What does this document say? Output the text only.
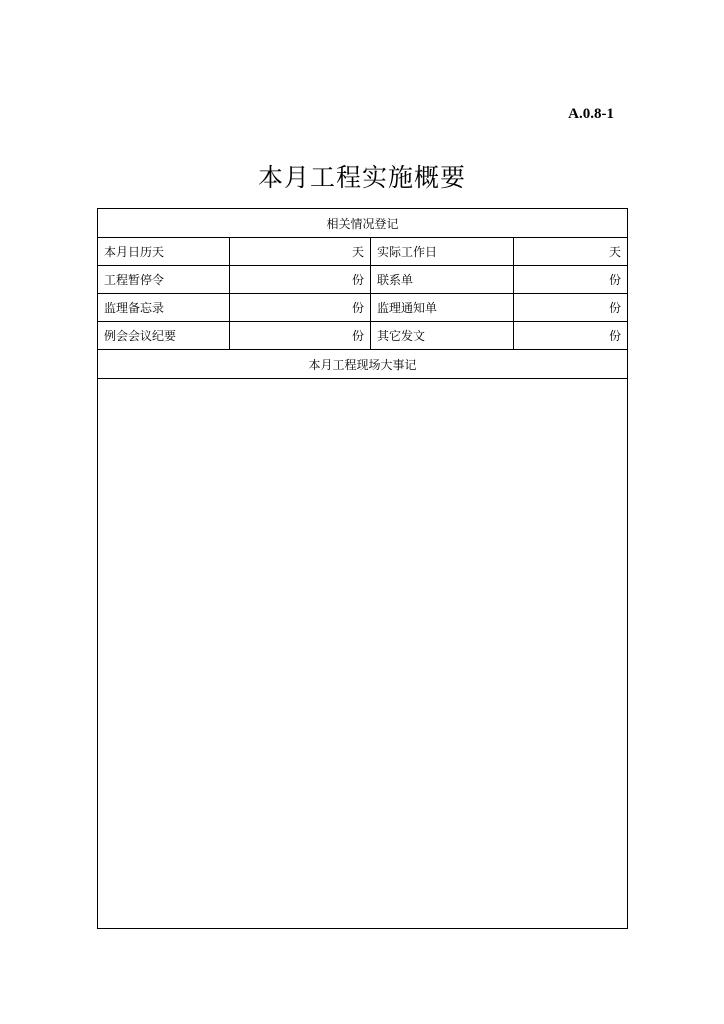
A.0.8-1
本月工程实施概要
相关情况登记			
本月日历天	天	实际工作日	天
工程暂停令	份	联系单	份
监理备忘录	份	监理通知单	份
例会会议纪要	份	其它发文	份
本月工程现场大事记			
